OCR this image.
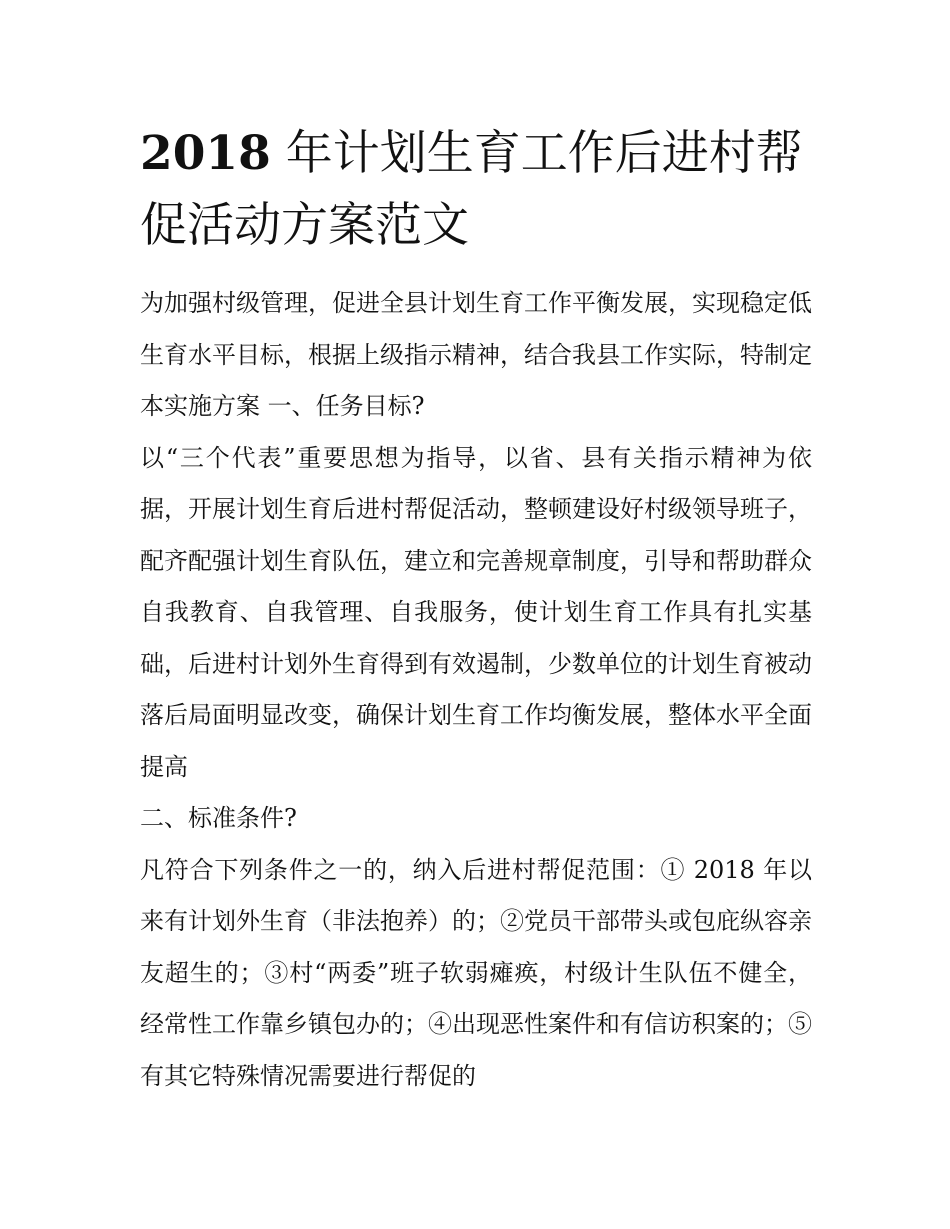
2018 年计划生育工作后进村帮促活动方案范文

为加强村级管理，促进全县计划生育工作平衡发展，实现稳定低生育水平目标，根据上级指示精神，结合我县工作实际，特制定本实施方案 一、任务目标?

以“三个代表”重要思想为指导，以省、县有关指示精神为依据，开展计划生育后进村帮促活动，整顿建设好村级领导班子，配齐配强计划生育队伍，建立和完善规章制度，引导和帮助群众自我教育、自我管理、自我服务，使计划生育工作具有扎实基础，后进村计划外生育得到有效遏制，少数单位的计划生育被动落后局面明显改变，确保计划生育工作均衡发展，整体水平全面提高

二、标准条件?

凡符合下列条件之一的，纳入后进村帮促范围：① 2018 年以来有计划外生育（非法抱养）的；②党员干部带头或包庇纵容亲友超生的；③村“两委”班子软弱瘫痪，村级计生队伍不健全，经常性工作靠乡镇包办的；④出现恶性案件和有信访积案的；⑤有其它特殊情况需要进行帮促的
